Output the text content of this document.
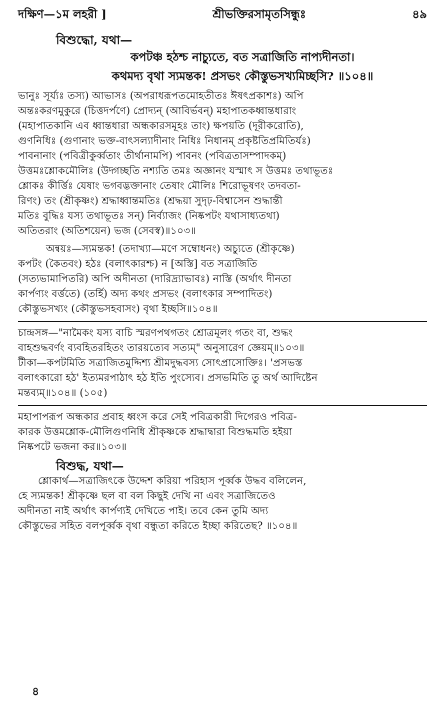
দক্ষিণ—১ম লহরী ]	শ্রীভক্তিরসামৃতসিন্ধুঃ	৪৯
বিশুদ্ধো, যথা—
কপটঞ্চ হঠশ্চ নাচ্যুতে, বত সত্রাজিতি নাপ্যদীনতা।
কথমদ্য বৃথা স্যমন্তক! প্রসভং কৌস্তুভসখ্যমিচ্ছসি? ॥১০৪॥
ভানুঃ সূর্য্যঃ তস্য) আভাসঃ (অপরাধরূপতমোহতীতঃ ঈষৎপ্রকাশঃ) অপি
অন্তঃকরণমুকুরে (চিত্তদর্পণে) প্রোদ্যন্ (আবির্ভবন্) মহাপাতকধ্বান্তধারাং
(মহাপাতকানি এব ধ্বান্তধারা অন্ধকারসমূহঃ তাং) ক্ষপয়তি (দূরীকরোতি),
গুণনিধিঃ (গুণানাং ভক্ত-বাৎসল্যাদীনাং নিধিঃ নিধানম্ প্রকৃষ্টতিপ্রমিতির্যঃ)
পাবনানাং (পবিত্রীকুর্ব্বতাং তীর্থানামপি) পাবনং (পবিত্রতাসম্পাদকম্)
উত্তমঃশ্লোকমৌলিঃ (উদ্গচ্ছতি নশ্যতি তমঃ অজ্ঞানং যস্মাৎ স উত্তমঃ তথাভূতঃ
শ্লোকঃ কীর্ত্তিঃ যেষাং ভগবদ্ভক্তানাং তেষাং মৌলিঃ শিরোভূষণং তদবতা-
রিণং) তং (শ্রীকৃষ্ণং) শ্রদ্ধাধ্বান্তমতিঃ (শ্রদ্ধয়া সুদৃঢ়-বিশ্বাসেন শুদ্ধান্তী
মতিঃ বুদ্ধিঃ যস্য তথাভূতঃ সন্) নির্ব্যাজং (নিষ্কপটং যথাসাধ্যতথা)
অতিতরাং (অতিশয়েন) ভজ (সেবস্ব)॥১০৩॥
অন্বয়ঃ—স্যমন্তক! (তদাখ্যা—মণে সম্বোধনং) অচ্যুতে (শ্রীকৃষ্ণে)
কপটং (কৈতবং) হঠঃ (বলাৎকারশ্চ) ন [অস্তি] বত সত্রাজিতি
(সত্যভামাপিতরি) অপি অদীনতা (দারিদ্র্যাভাবঃ) নাস্তি (অর্থাৎ দীনতা
কার্পণ্যং বর্ত্ততে) (তর্হি) অদ্য কথং প্রসভং (বলাৎকার সম্পাদিতং)
কৌস্তুভসখ্যং (কৌস্তুভসহবাসং) বৃথা ইচ্ছসি॥১০৪॥
চান্দ্রসঙ্গ—"নামৈকং যস্য বাচি স্মরণপথগতং শ্রোত্রমূলং গতং বা, শুদ্ধং
বাহশুদ্ধবর্ণং ব্যবহিতরহিতং তারয়ত্যেব সত্যম্" অনুসারেণ জ্ঞেয়ম্॥১০৩॥
টীকা—কপটমিতি সত্রাজিতমুদ্দিশ্য শ্রীমদুদ্ধবস্য সোৎপ্রাসোক্তিঃ। 'প্রসভস্ত
বলাৎকারো হঠ' ইত্যমরপাঠাৎ হঠ ইতি পুংস্যেব। প্রসভমিতি তু অর্থ আদিষ্টেন
মন্তব্যম্॥১০৪॥ (১০৫)
মহাপাপরূপ অন্ধকার প্রবাহ ধ্বংস করে সেই পবিত্রকারী দিগেরও পবিত্র-
কারক উত্তমশ্লোক-মৌলিগুণনিধি শ্রীকৃষ্ণকে শ্রদ্ধাদ্বারা বিশুদ্ধমতি হইয়া
নিষ্কপটে ভজনা কর॥১০৩॥
বিশুদ্ধ, যথা—
শ্লোকার্থ—সত্রাজিৎকে উদ্দেশ করিয়া পরিহাস পূর্ব্বক উদ্ধব বলিলেন,
হে স্যমন্তক! শ্রীকৃষ্ণে ছল বা বল কিছুই দেখি না এবং সত্রাজিতেও
অদীনতা নাই অর্থাৎ কার্পণ্যই দেখিতে পাই। তবে কেন তুমি অদ্য
কৌস্তুভের সহিত বলপূর্ব্বক বৃথা বন্ধুতা করিতে ইচ্ছা করিতেছ? ॥১০৪॥
৪
